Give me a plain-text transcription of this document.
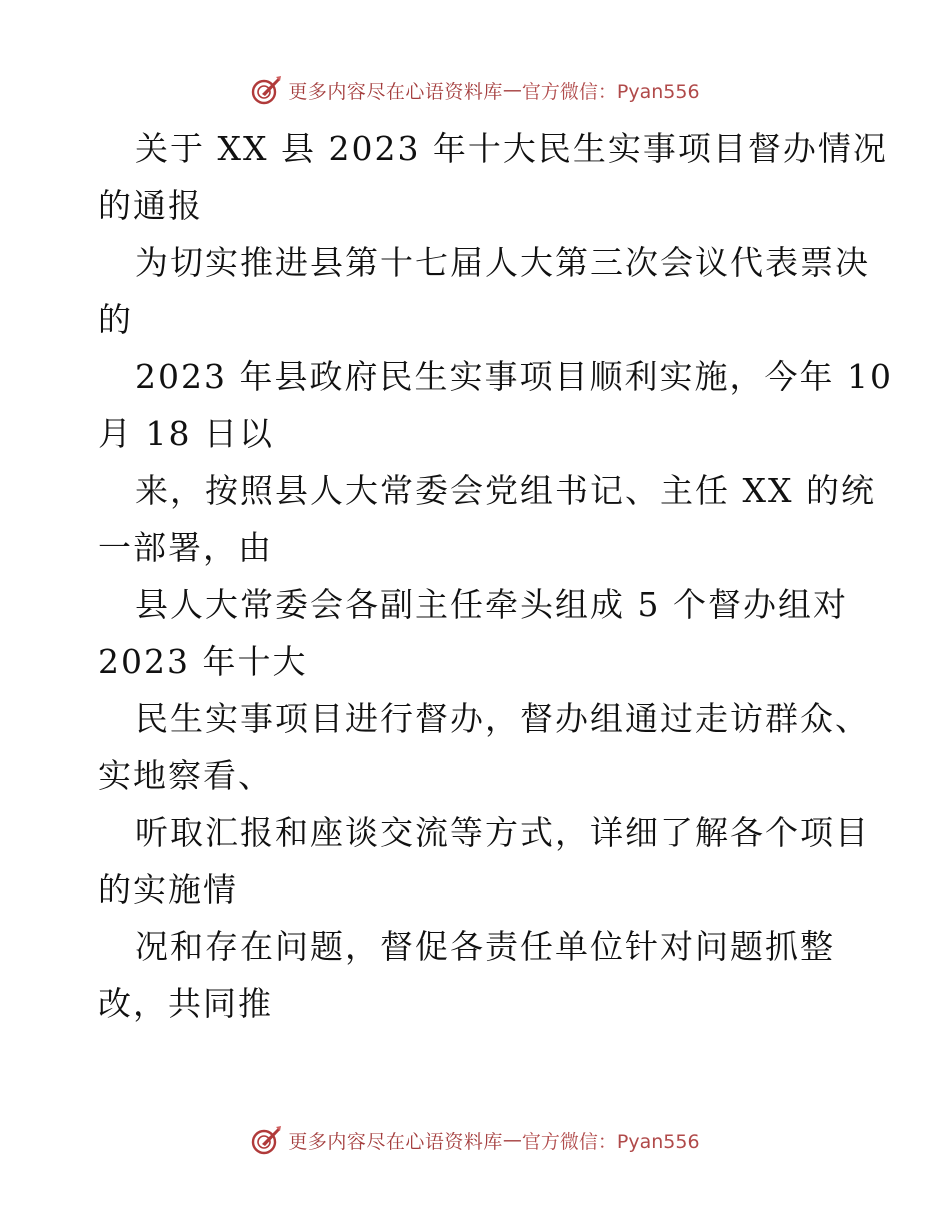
更多内容尽在心语资料库 — 官方微信：Pyan556
关于 XX 县 2023 年十大民生实事项目督办情况
的通报
为切实推进县第十七届人大第三次会议代表票决
的
2023 年县政府民生实事项目顺利实施，今年 10
月 18 日以
来，按照县人大常委会党组书记、主任 XX 的统
一部署，由
县人大常委会各副主任牵头组成 5 个督办组对
2023 年十大
民生实事项目进行督办，督办组通过走访群众、
实地察看、
听取汇报和座谈交流等方式，详细了解各个项目
的实施情
况和存在问题，督促各责任单位针对问题抓整
改，共同推
更多内容尽在心语资料库 — 官方微信：Pyan556
